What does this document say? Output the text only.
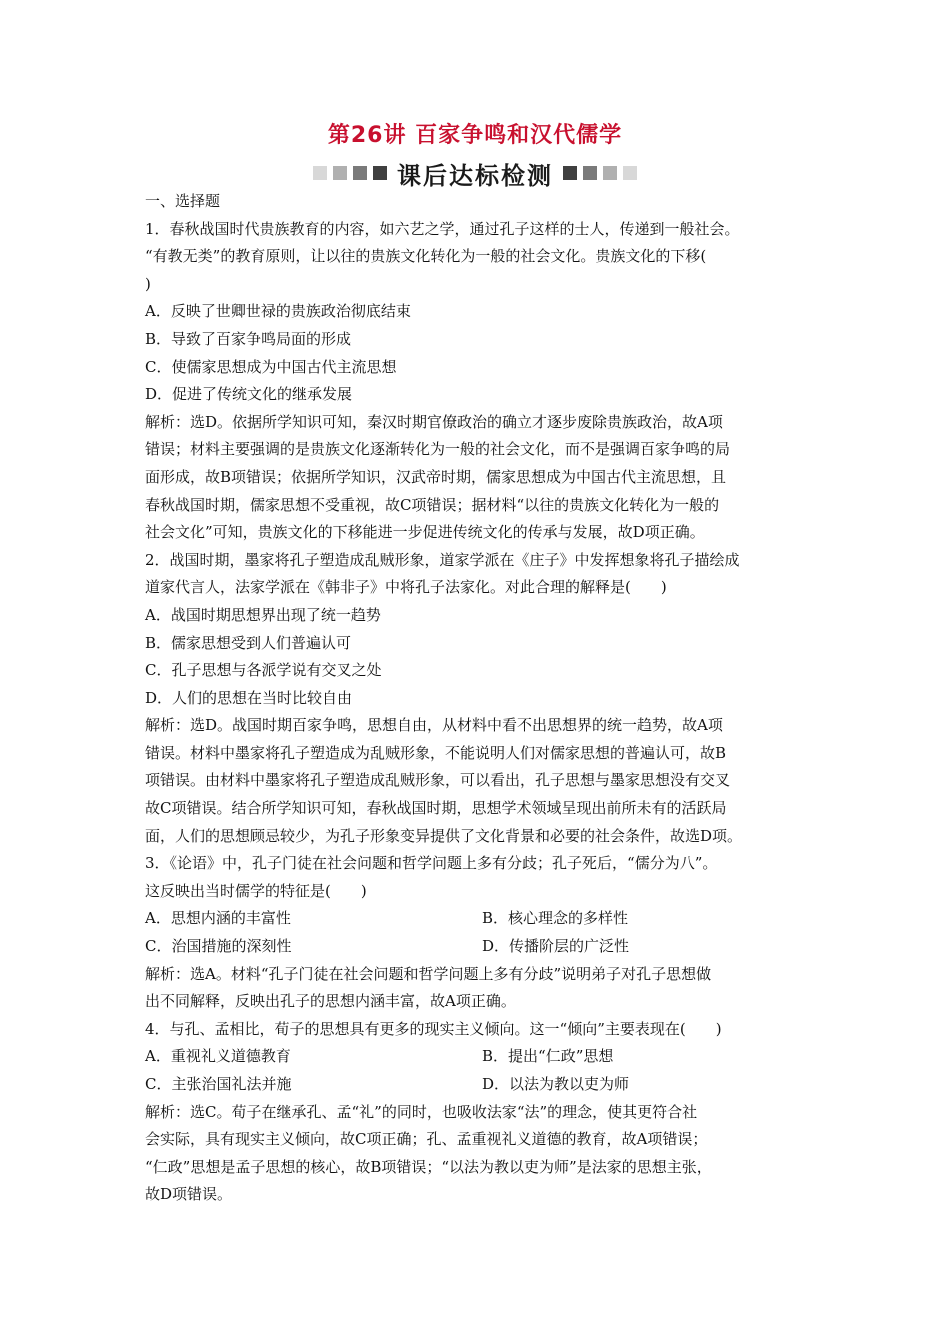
第26讲 百家争鸣和汉代儒学
课后达标检测
一、选择题
1．春秋战国时代贵族教育的内容，如六艺之学，通过孔子这样的士人，传递到一般社会。
“有教无类”的教育原则，让以往的贵族文化转化为一般的社会文化。贵族文化的下移(
)
A．反映了世卿世禄的贵族政治彻底结束
B．导致了百家争鸣局面的形成
C．使儒家思想成为中国古代主流思想
D．促进了传统文化的继承发展
解析：选D。依据所学知识可知，秦汉时期官僚政治的确立才逐步废除贵族政治，故A项
错误；材料主要强调的是贵族文化逐渐转化为一般的社会文化，而不是强调百家争鸣的局
面形成，故B项错误；依据所学知识，汉武帝时期，儒家思想成为中国古代主流思想，且
春秋战国时期，儒家思想不受重视，故C项错误；据材料“以往的贵族文化转化为一般的
社会文化”可知，贵族文化的下移能进一步促进传统文化的传承与发展，故D项正确。
2．战国时期，墨家将孔子塑造成乱贼形象，道家学派在《庄子》中发挥想象将孔子描绘成
道家代言人，法家学派在《韩非子》中将孔子法家化。对此合理的解释是(　　)
A．战国时期思想界出现了统一趋势
B．儒家思想受到人们普遍认可
C．孔子思想与各派学说有交叉之处
D．人们的思想在当时比较自由
解析：选D。战国时期百家争鸣，思想自由，从材料中看不出思想界的统一趋势，故A项
错误。材料中墨家将孔子塑造成为乱贼形象，不能说明人们对儒家思想的普遍认可，故B
项错误。由材料中墨家将孔子塑造成乱贼形象，可以看出，孔子思想与墨家思想没有交叉
故C项错误。结合所学知识可知，春秋战国时期，思想学术领域呈现出前所未有的活跃局
面，人们的思想顾忌较少，为孔子形象变异提供了文化背景和必要的社会条件，故选D项。
3．《论语》中，孔子门徒在社会问题和哲学问题上多有分歧；孔子死后，“儒分为八”。
这反映出当时儒学的特征是(　　)
A．思想内涵的丰富性	B．核心理念的多样性
C．治国措施的深刻性	D．传播阶层的广泛性
解析：选A。材料“孔子门徒在社会问题和哲学问题上多有分歧”说明弟子对孔子思想做
出不同解释，反映出孔子的思想内涵丰富，故A项正确。
4．与孔、孟相比，荀子的思想具有更多的现实主义倾向。这一“倾向”主要表现在(　　)
A．重视礼义道德教育	B．提出“仁政”思想
C．主张治国礼法并施	D．以法为教以吏为师
解析：选C。荀子在继承孔、孟“礼”的同时，也吸收法家“法”的理念，使其更符合社
会实际，具有现实主义倾向，故C项正确；孔、孟重视礼义道德的教育，故A项错误；
“仁政”思想是孟子思想的核心，故B项错误；“以法为教以吏为师”是法家的思想主张，
故D项错误。
